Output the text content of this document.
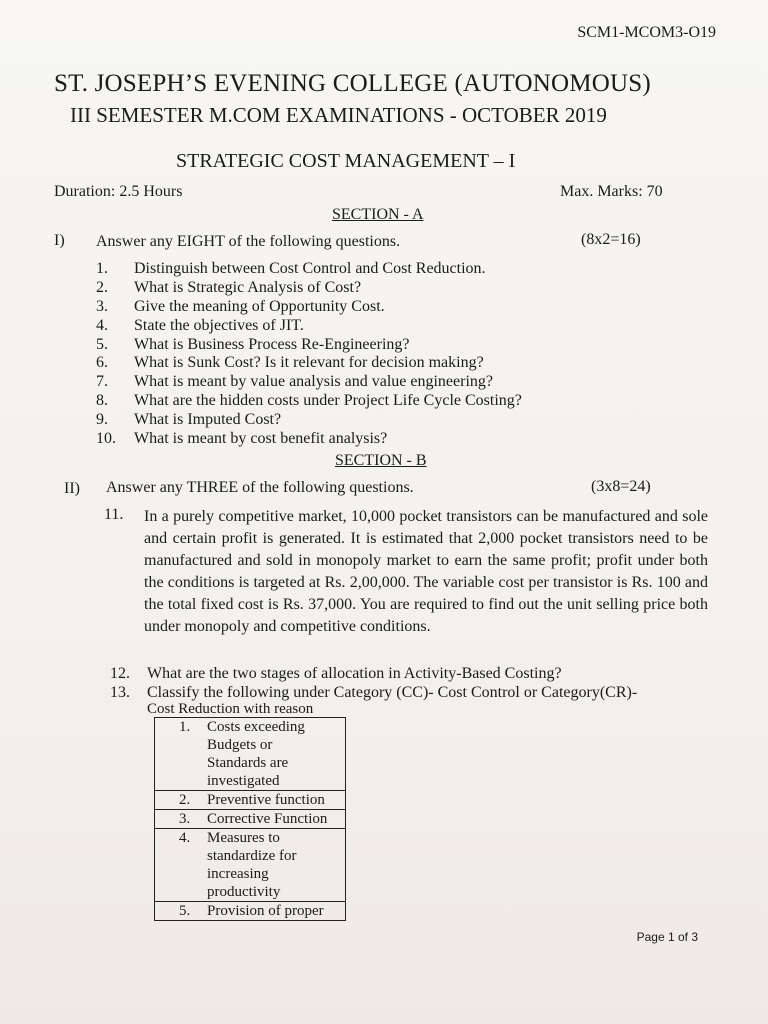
SCM1-MCOM3-O19
ST. JOSEPH’S EVENING COLLEGE (AUTONOMOUS)
III SEMESTER M.COM EXAMINATIONS - OCTOBER 2019
STRATEGIC COST MANAGEMENT – I
Duration: 2.5 Hours	Max. Marks: 70
SECTION - A
I) Answer any EIGHT of the following questions.	(8x2=16)
1.	Distinguish between Cost Control and Cost Reduction.
2.	What is Strategic Analysis of Cost?
3.	Give the meaning of Opportunity Cost.
4.	State the objectives of JIT.
5.	What is Business Process Re-Engineering?
6.	What is Sunk Cost? Is it relevant for decision making?
7.	What is meant by value analysis and value engineering?
8.	What are the hidden costs under Project Life Cycle Costing?
9.	What is Imputed Cost?
10.	What is meant by cost benefit analysis?
SECTION - B
II) Answer any THREE of the following questions.	(3x8=24)
11.	In a purely competitive market, 10,000 pocket transistors can be manufactured and sole and certain profit is generated. It is estimated that 2,000 pocket transistors need to be manufactured and sold in monopoly market to earn the same profit; profit under both the conditions is targeted at Rs. 2,00,000. The variable cost per transistor is Rs. 100 and the total fixed cost is Rs. 37,000. You are required to find out the unit selling price both under monopoly and competitive conditions.
12.	What are the two stages of allocation in Activity-Based Costing?
13.	Classify the following under Category (CC)- Cost Control or Category(CR)-
Cost Reduction with reason
1.	Costs exceeding Budgets or Standards are investigated

2.	Preventive function

3.	Corrective Function

4.	Measures to standardize for increasing productivity

5.	Provision of proper
Page 1 of 3
